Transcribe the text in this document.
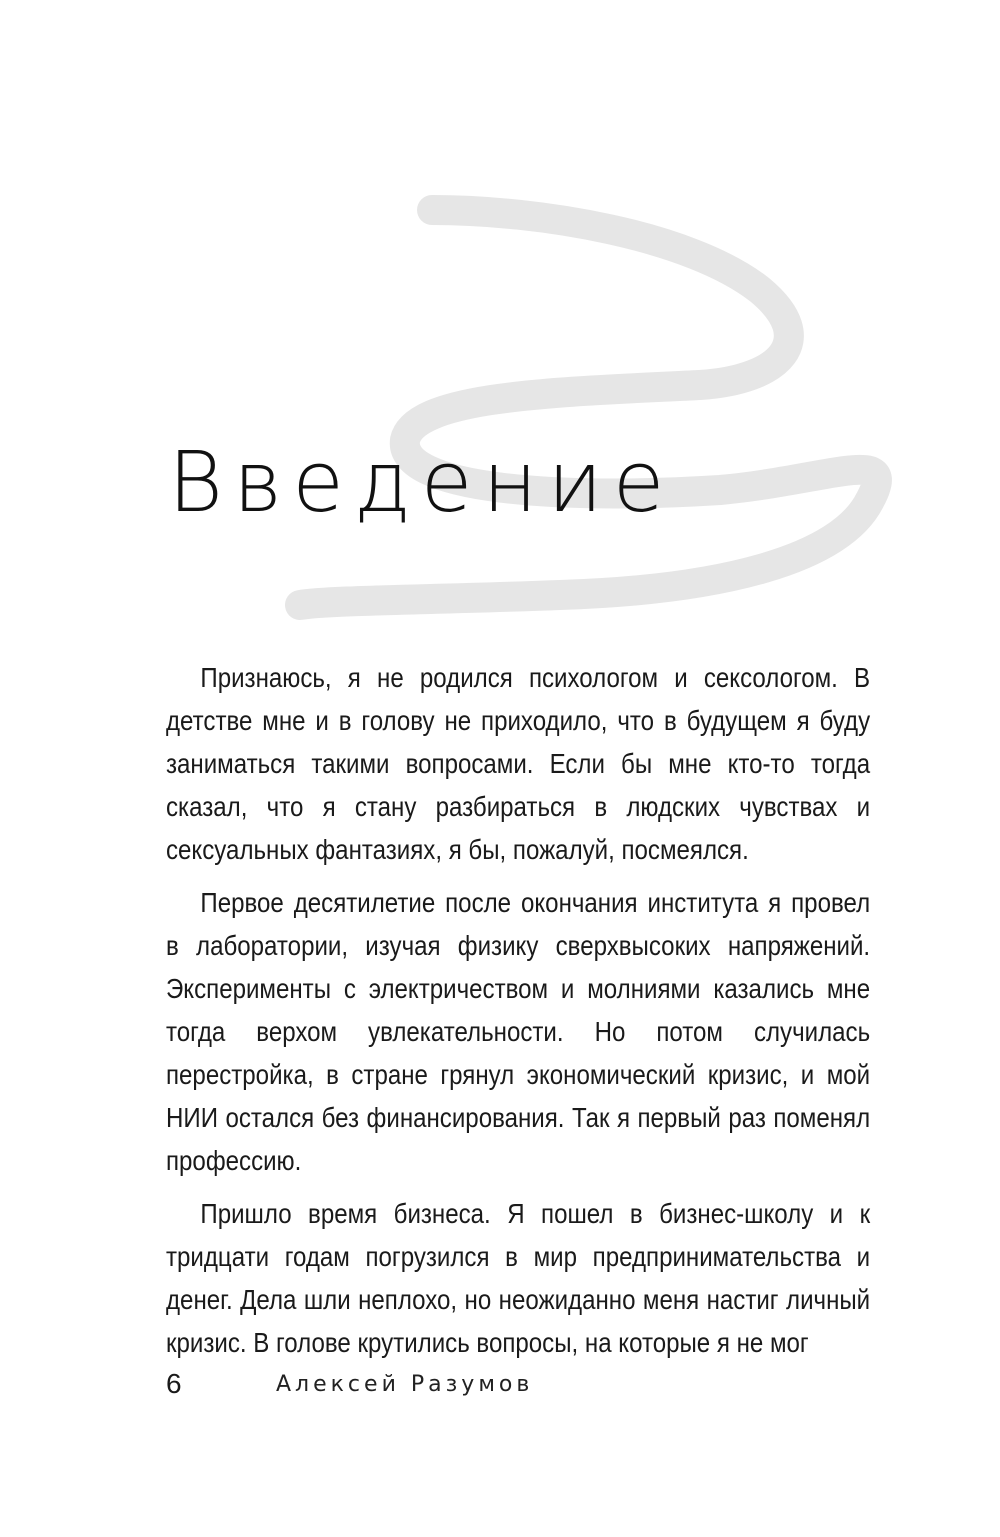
Введение

Признаюсь, я не родился психологом и сексологом. В детстве мне и в голову не приходило, что в будущем я буду заниматься такими вопросами. Если бы мне кто-то тогда сказал, что я стану разбираться в людских чувствах и сексуальных фантазиях, я бы, пожалуй, посмеялся.

Первое десятилетие после окончания института я провел в лаборатории, изучая физику сверхвысоких напряжений. Эксперименты с электричеством и молниями казались мне тогда верхом увлекательности. Но потом случилась перестройка, в стране грянул экономический кризис, и мой НИИ остался без финансирования. Так я первый раз поменял профессию.

Пришло время бизнеса. Я пошел в бизнес-школу и к тридцати годам погрузился в мир предпринимательства и денег. Дела шли неплохо, но неожиданно меня настиг личный кризис. В голове крутились вопросы, на которые я не мог

6	Алексей Разумов
